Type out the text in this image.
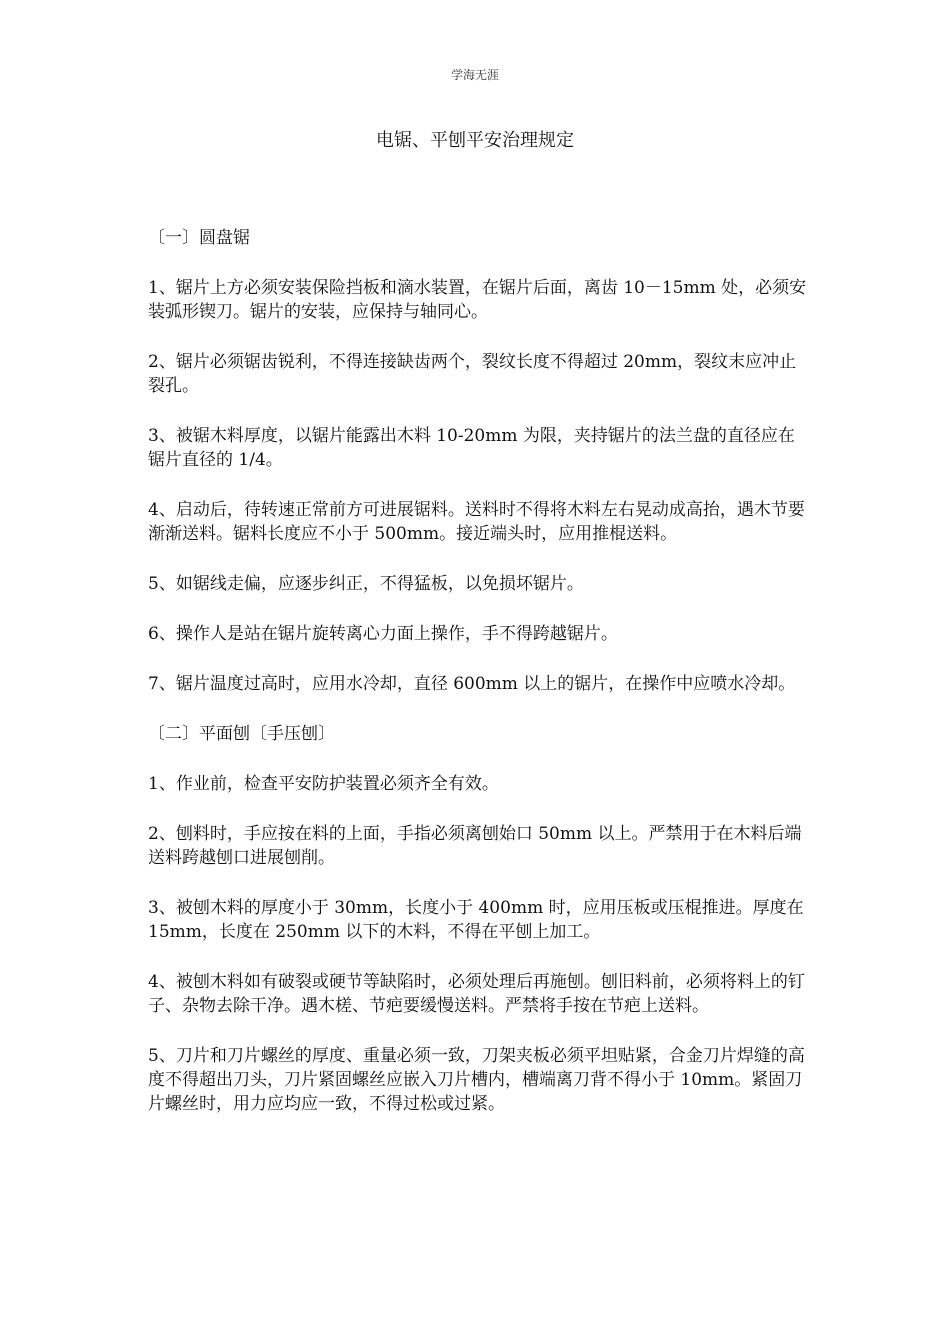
学海无涯
电锯、平刨平安治理规定

〔一〕圆盘锯

1、锯片上方必须安装保险挡板和滴水装置，在锯片后面，离齿 10－15mm 处，必须安装弧形锲刀。锯片的安装，应保持与轴同心。

2、锯片必须锯齿锐利，不得连接缺齿两个，裂纹长度不得超过 20mm，裂纹末应冲止裂孔。

3、被锯木料厚度，以锯片能露出木料 10-20mm 为限，夹持锯片的法兰盘的直径应在锯片直径的 1/4。

4、启动后，待转速正常前方可进展锯料。送料时不得将木料左右晃动成高抬，遇木节要渐渐送料。锯料长度应不小于 500mm。接近端头时，应用推棍送料。

5、如锯线走偏，应逐步纠正，不得猛板，以免损坏锯片。

6、操作人是站在锯片旋转离心力面上操作，手不得跨越锯片。

7、锯片温度过高时，应用水冷却，直径 600mm 以上的锯片，在操作中应喷水冷却。

〔二〕平面刨〔手压刨〕

1、作业前，检查平安防护装置必须齐全有效。

2、刨料时，手应按在料的上面，手指必须离刨始口 50mm 以上。严禁用于在木料后端送料跨越刨口进展刨削。

3、被刨木料的厚度小于 30mm，长度小于 400mm 时，应用压板或压棍推进。厚度在 15mm，长度在 250mm 以下的木料，不得在平刨上加工。

4、被刨木料如有破裂或硬节等缺陷时，必须处理后再施刨。刨旧料前，必须将料上的钉子、杂物去除干净。遇木槎、节疤要缓慢送料。严禁将手按在节疤上送料。

5、刀片和刀片螺丝的厚度、重量必须一致，刀架夹板必须平坦贴紧，合金刀片焊缝的高度不得超出刀头，刀片紧固螺丝应嵌入刀片槽内，槽端离刀背不得小于 10mm。紧固刀片螺丝时，用力应均应一致，不得过松或过紧。
